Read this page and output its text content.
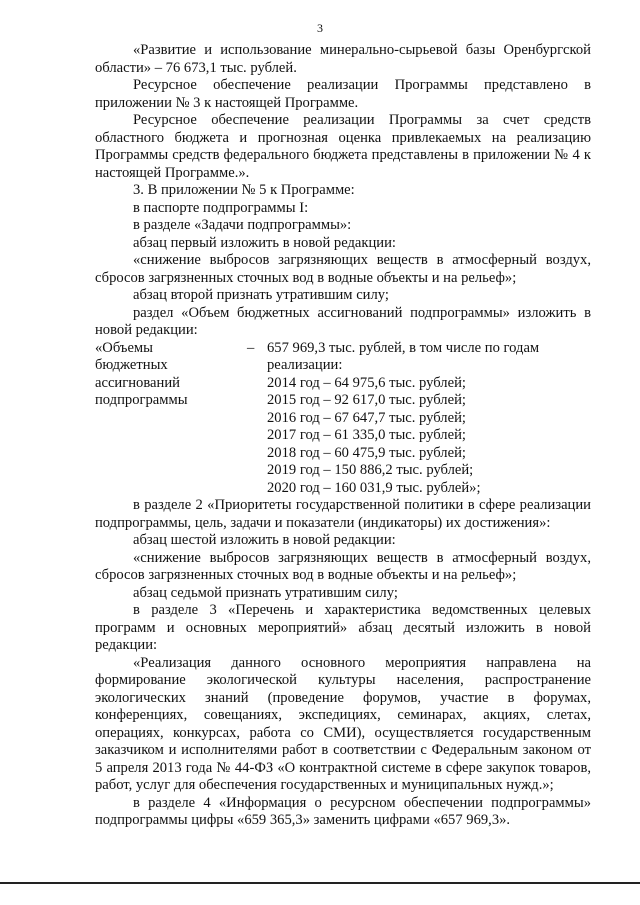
3

«Развитие и использование минерально-сырьевой базы Оренбургской области» – 76 673,1 тыс. рублей.

Ресурсное обеспечение реализации Программы представлено в приложении № 3 к настоящей Программе.

Ресурсное обеспечение реализации Программы за счет средств областного бюджета и прогнозная оценка привлекаемых на реализацию Программы средств федерального бюджета представлены в приложении № 4 к настоящей Программе.».

3. В приложении № 5 к Программе:

в паспорте подпрограммы I:

в разделе «Задачи подпрограммы»:

абзац первый изложить в новой редакции:

«снижение выбросов загрязняющих веществ в атмосферный воздух, сбросов загрязненных сточных вод в водные объекты и на рельеф»;

абзац второй признать утратившим силу;

раздел «Объем бюджетных ассигнований подпрограммы» изложить в новой редакции:

«Объемы
бюджетных
ассигнований
подпрограммы
– 657 969,3 тыс. рублей, в том числе по годам реализации:
2014 год – 64 975,6 тыс. рублей;
2015 год – 92 617,0 тыс. рублей;
2016 год – 67 647,7 тыс. рублей;
2017 год – 61 335,0 тыс. рублей;
2018 год – 60 475,9 тыс. рублей;
2019 год – 150 886,2 тыс. рублей;
2020 год – 160 031,9 тыс. рублей»;

в разделе 2 «Приоритеты государственной политики в сфере реализации подпрограммы, цель, задачи и показатели (индикаторы) их достижения»:

абзац шестой изложить в новой редакции:

«снижение выбросов загрязняющих веществ в атмосферный воздух, сбросов загрязненных сточных вод в водные объекты и на рельеф»;

абзац седьмой признать утратившим силу;

в разделе 3 «Перечень и характеристика ведомственных целевых программ и основных мероприятий» абзац десятый изложить в новой редакции:

«Реализация данного основного мероприятия направлена на формирование экологической культуры населения, распространение экологических знаний (проведение форумов, участие в форумах, конференциях, совещаниях, экспедициях, семинарах, акциях, слетах, операциях, конкурсах, работа со СМИ), осуществляется государственным заказчиком и исполнителями работ в соответствии с Федеральным законом от 5 апреля 2013 года № 44-ФЗ «О контрактной системе в сфере закупок товаров, работ, услуг для обеспечения государственных и муниципальных нужд.»;

в разделе 4 «Информация о ресурсном обеспечении подпрограммы» подпрограммы цифры «659 365,3» заменить цифрами «657 969,3».
